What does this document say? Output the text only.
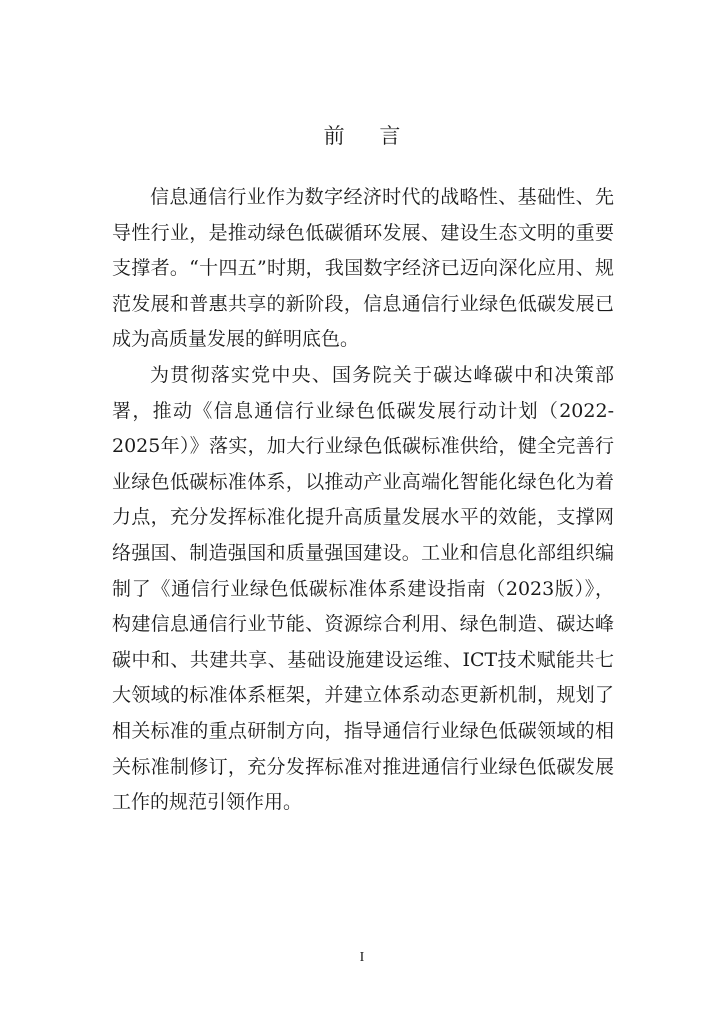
前 言

信息通信行业作为数字经济时代的战略性、基础性、先导性行业，是推动绿色低碳循环发展、建设生态文明的重要支撑者。“十四五”时期，我国数字经济已迈向深化应用、规范发展和普惠共享的新阶段，信息通信行业绿色低碳发展已成为高质量发展的鲜明底色。

为贯彻落实党中央、国务院关于碳达峰碳中和决策部署，推动《信息通信行业绿色低碳发展行动计划（2022-2025年）》落实，加大行业绿色低碳标准供给，健全完善行业绿色低碳标准体系，以推动产业高端化智能化绿色化为着力点，充分发挥标准化提升高质量发展水平的效能，支撑网络强国、制造强国和质量强国建设。工业和信息化部组织编制了《通信行业绿色低碳标准体系建设指南（2023版）》，构建信息通信行业节能、资源综合利用、绿色制造、碳达峰碳中和、共建共享、基础设施建设运维、ICT技术赋能共七大领域的标准体系框架，并建立体系动态更新机制，规划了相关标准的重点研制方向，指导通信行业绿色低碳领域的相关标准制修订，充分发挥标准对推进通信行业绿色低碳发展工作的规范引领作用。

I
